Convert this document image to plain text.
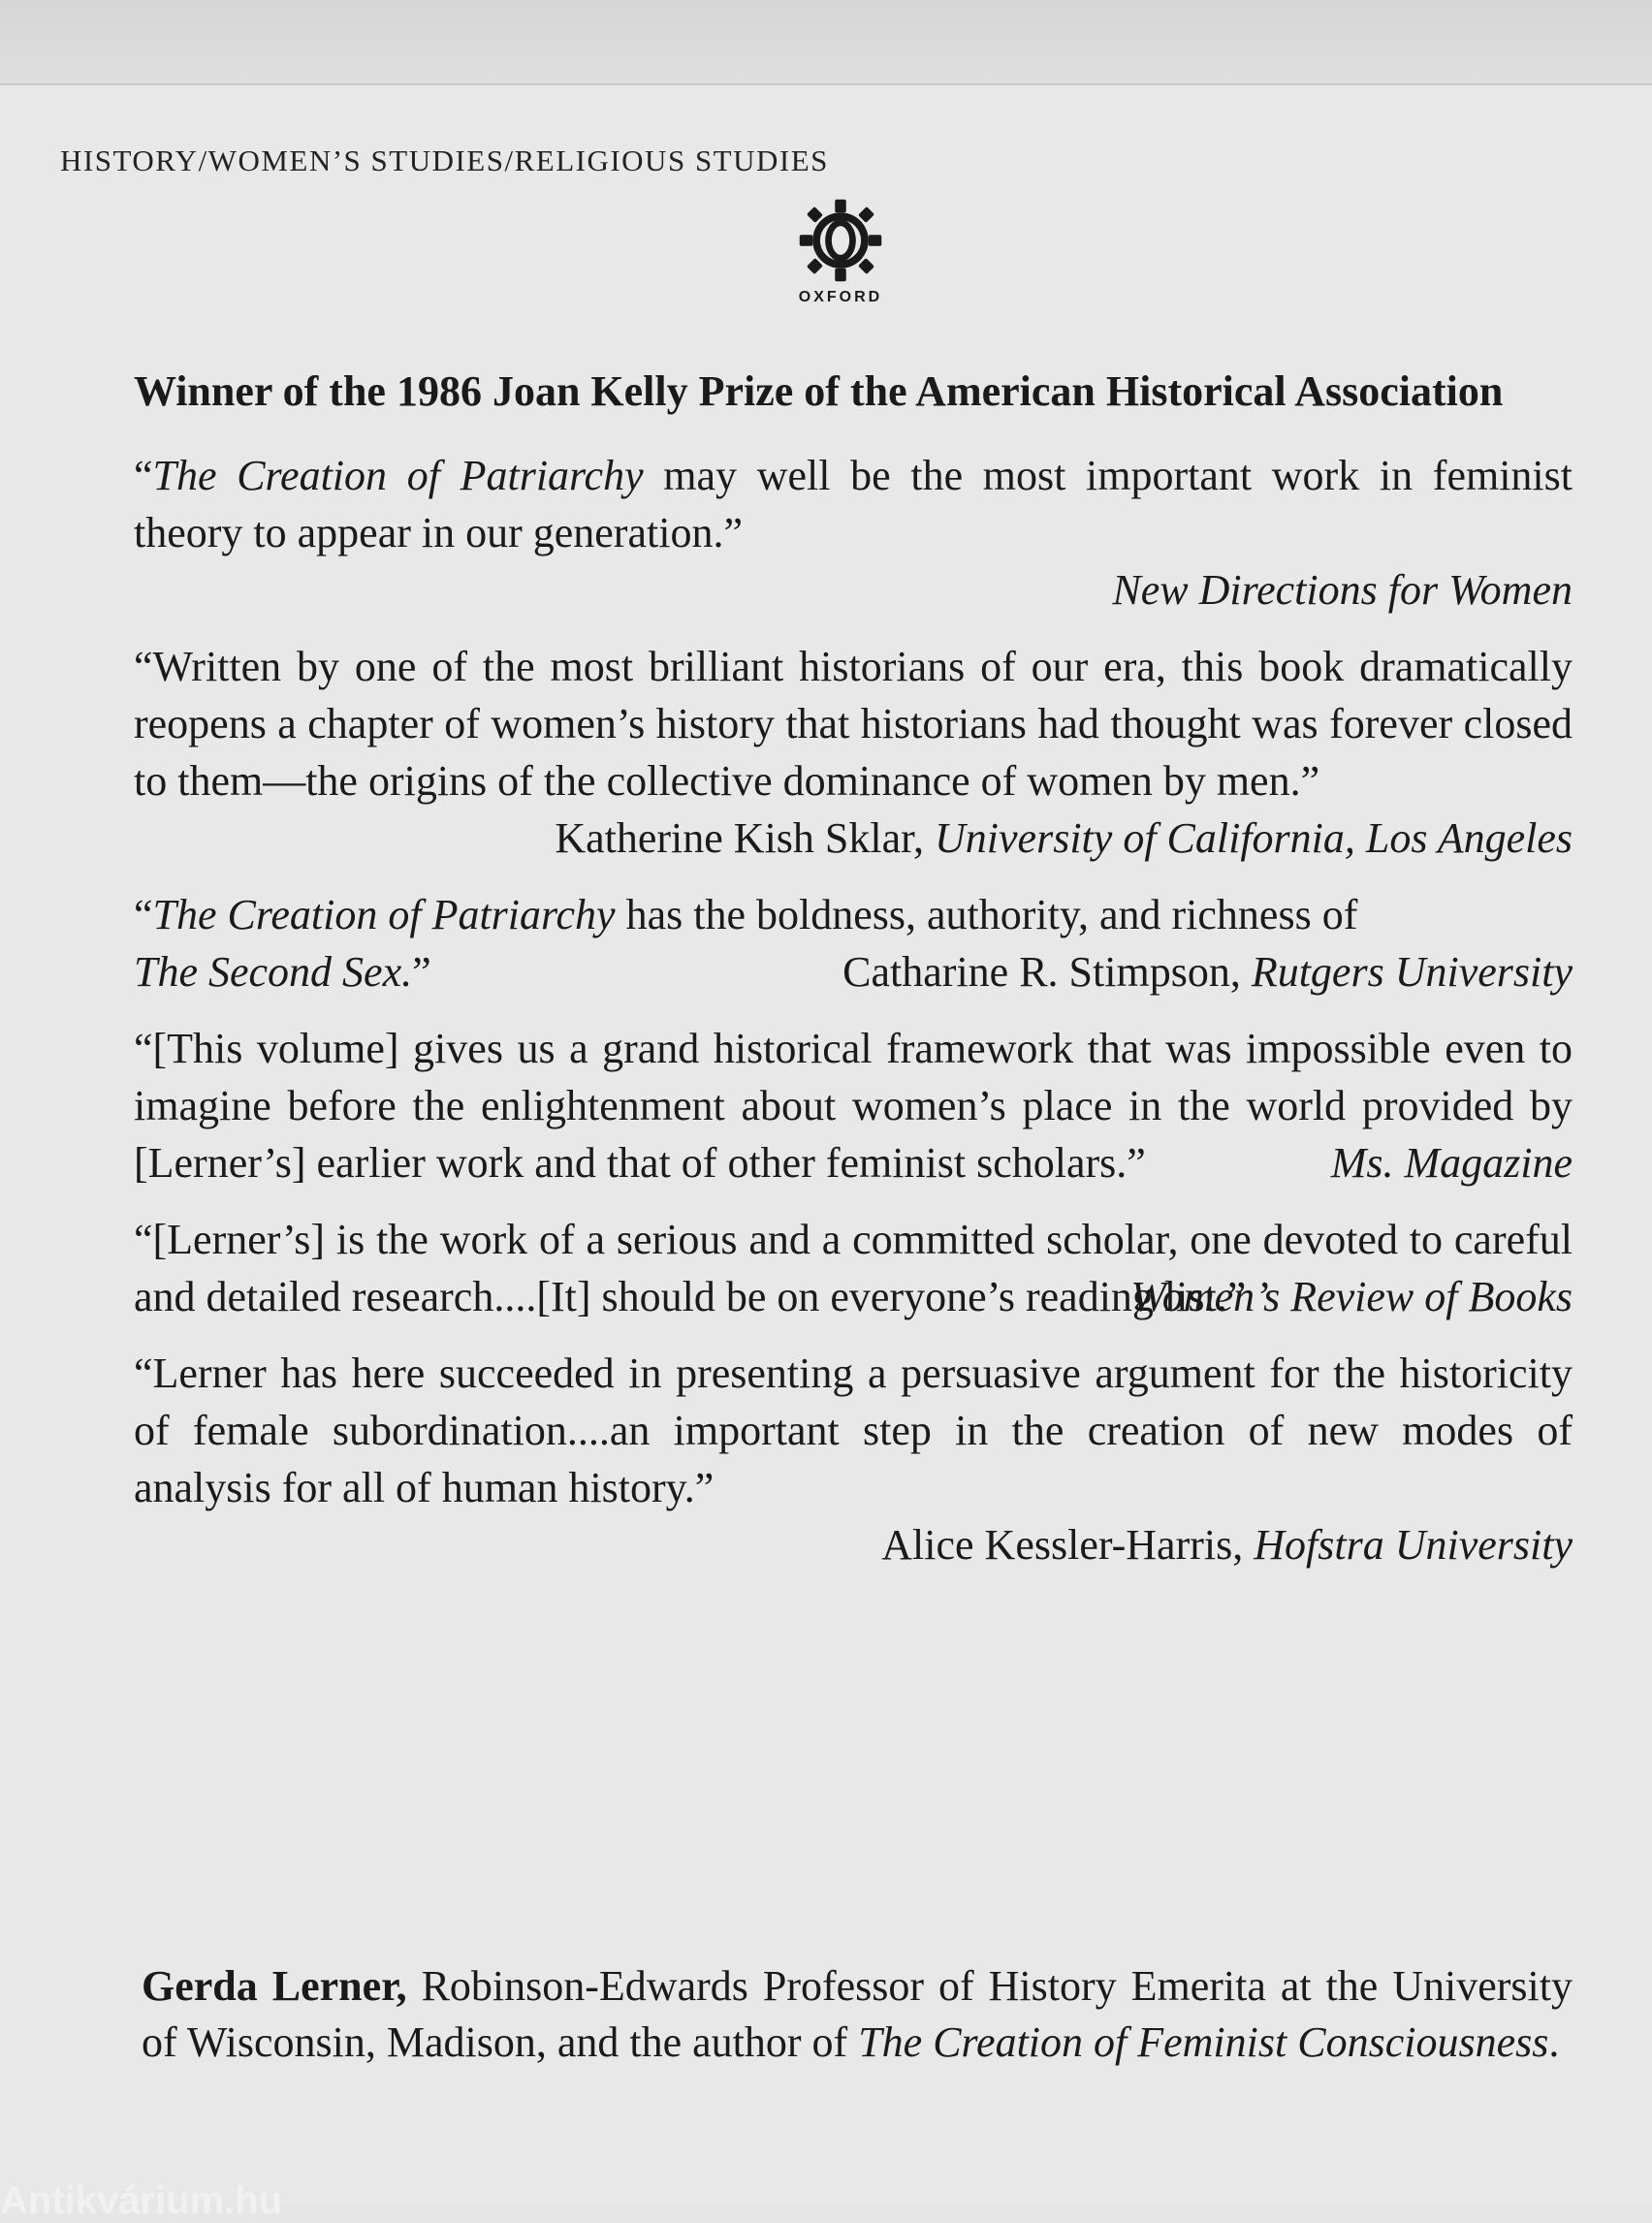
HISTORY/WOMEN’S STUDIES/RELIGIOUS STUDIES
OXFORD
Winner of the 1986 Joan Kelly Prize of the American Historical Association

“The Creation of Patriarchy may well be the most important work in feminist theory to appear in our generation.”

New Directions for Women

“Written by one of the most brilliant historians of our era, this book dramatically reopens a chapter of women’s history that historians had thought was forever closed to them—the origins of the collective dominance of women by men.”

Katherine Kish Sklar, University of California, Los Angeles

“The Creation of Patriarchy has the boldness, authority, and richness of

The Second Sex.”	Catharine R. Stimpson, Rutgers University

“[This volume] gives us a grand historical framework that was impossible even to imagine before the enlightenment about women’s place in the world provided by [Lerner’s] earlier work and that of other feminist scholars.”	Ms. Magazine

“[Lerner’s] is the work of a serious and a committed scholar, one devoted to careful and detailed research....[It] should be on everyone’s reading list.”

Women’s Review of Books

“Lerner has here succeeded in presenting a persuasive argument for the historicity of female subordination....an important step in the creation of new modes of analysis for all of human history.”

Alice Kessler-Harris, Hofstra University
Gerda Lerner, Robinson-Edwards Professor of History Emerita at the University of Wisconsin, Madison, and the author of The Creation of Feminist Consciousness.
Antikvárium.hu
